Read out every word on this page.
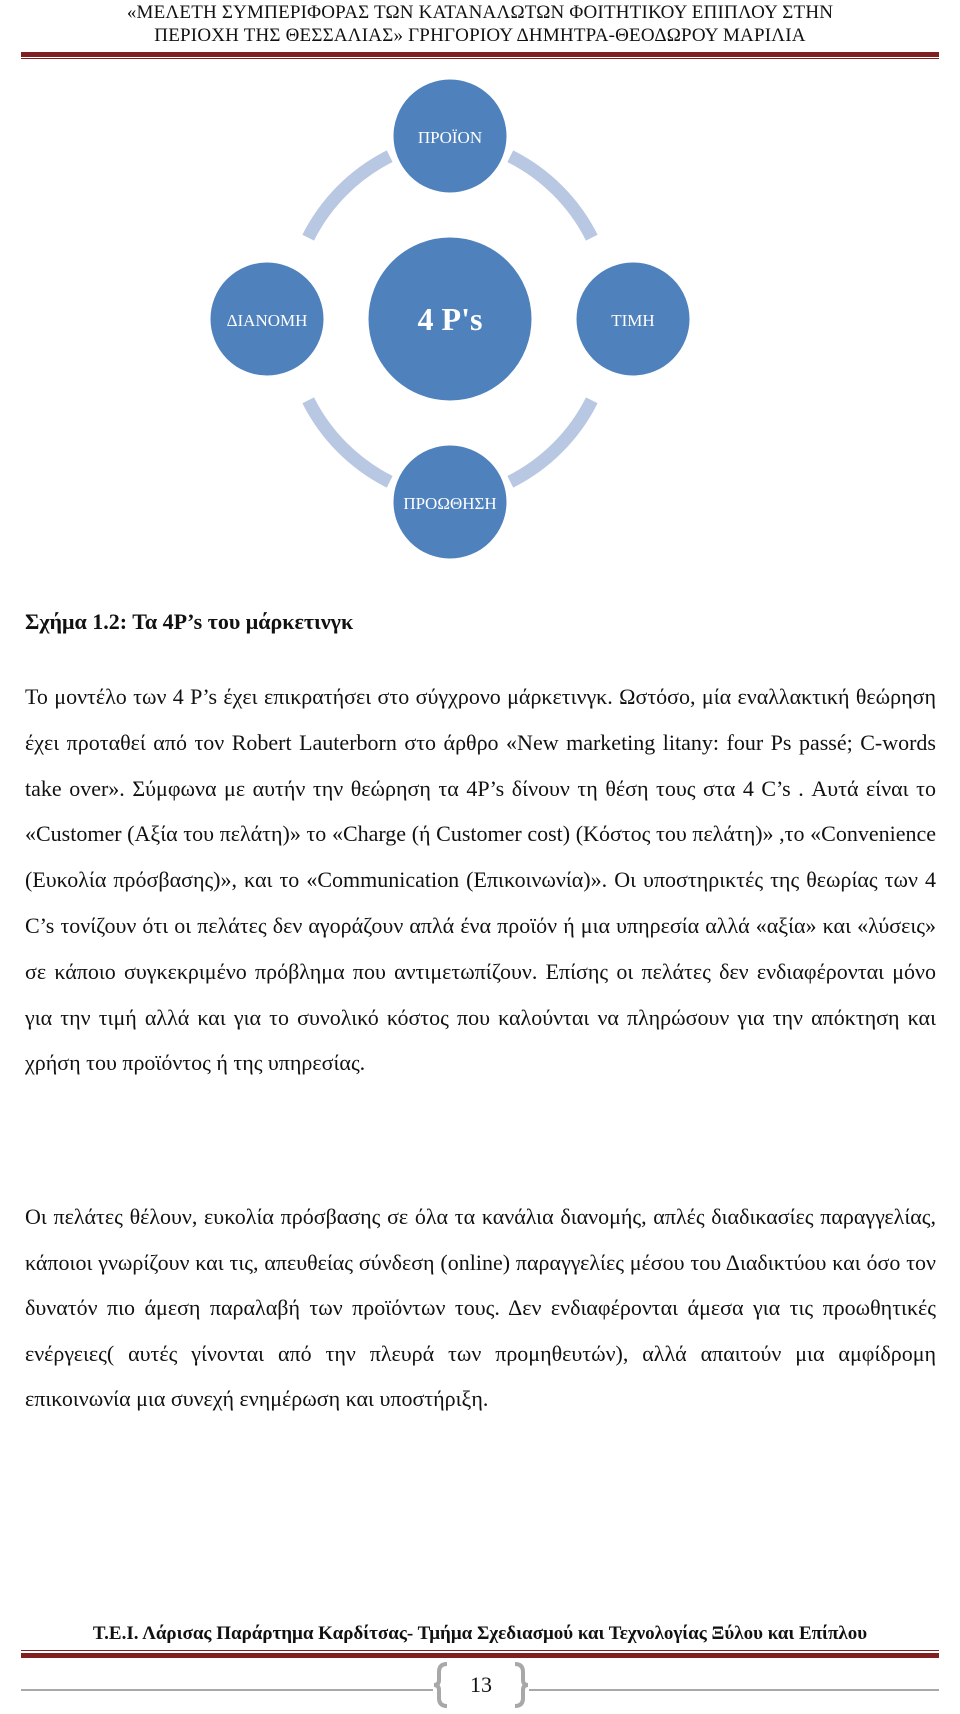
«ΜΕΛΕΤΗ ΣΥΜΠΕΡΙΦΟΡΑΣ ΤΩΝ ΚΑΤΑΝΑΛΩΤΩΝ ΦΟΙΤΗΤΙΚΟΥ ΕΠΙΠΛΟΥ ΣΤΗΝ
ΠΕΡΙΟΧΗ ΤΗΣ ΘΕΣΣΑΛΙΑΣ» ΓΡΗΓΟΡΙΟΥ ΔΗΜΗΤΡΑ-ΘΕΟΔΩΡΟΥ ΜΑΡΙΛΙΑ
4 P's
ΠΡΟΪΟΝ
ΤΙΜΗ
ΠΡΟΩΘΗΣΗ
ΔΙΑΝΟΜΗ
Σχήμα 1.2: Τα 4P’s του μάρκετινγκ

Το μοντέλο των 4 P’s έχει επικρατήσει στο σύγχρονο μάρκετινγκ. Ωστόσο, μία εναλλακτική θεώρηση έχει προταθεί από τον Robert Lauterborn στο άρθρο «New marketing litany: four Ps passé; C-words take over». Σύμφωνα με αυτήν την θεώρηση τα 4P’s δίνουν τη θέση τους στα 4 C’s . Αυτά είναι το «Customer (Αξία του πελάτη)» το «Charge (ή Customer cost) (Κόστος του πελάτη)» ,το «Convenience (Ευκολία πρόσβασης)», και το «Communication (Επικοινωνία)». Οι υποστηρικτές της θεωρίας των 4 C’s τονίζουν ότι οι πελάτες δεν αγοράζουν απλά ένα προϊόν ή μια υπηρεσία αλλά «αξία» και «λύσεις» σε κάποιο συγκεκριμένο πρόβλημα που αντιμετωπίζουν. Επίσης οι πελάτες δεν ενδιαφέρονται μόνο για την τιμή αλλά και για το συνολικό κόστος που καλούνται να πληρώσουν για την απόκτηση και χρήση του προϊόντος ή της υπηρεσίας.

Οι πελάτες θέλουν, ευκολία πρόσβασης σε όλα τα κανάλια διανομής, απλές διαδικασίες παραγγελίας, κάποιοι γνωρίζουν και τις, απευθείας σύνδεση (online) παραγγελίες μέσου του Διαδικτύου και όσο τον δυνατόν πιο άμεση παραλαβή των προϊόντων τους. Δεν ενδιαφέρονται άμεσα για τις προωθητικές ενέργειες( αυτές γίνονται από την πλευρά των προμηθευτών), αλλά απαιτούν μια αμφίδρομη επικοινωνία μια συνεχή ενημέρωση και υποστήριξη.

Τ.Ε.Ι. Λάρισας Παράρτημα Καρδίτσας- Τμήμα Σχεδιασμού και Τεχνολογίας Ξύλου και Επίπλου
13
